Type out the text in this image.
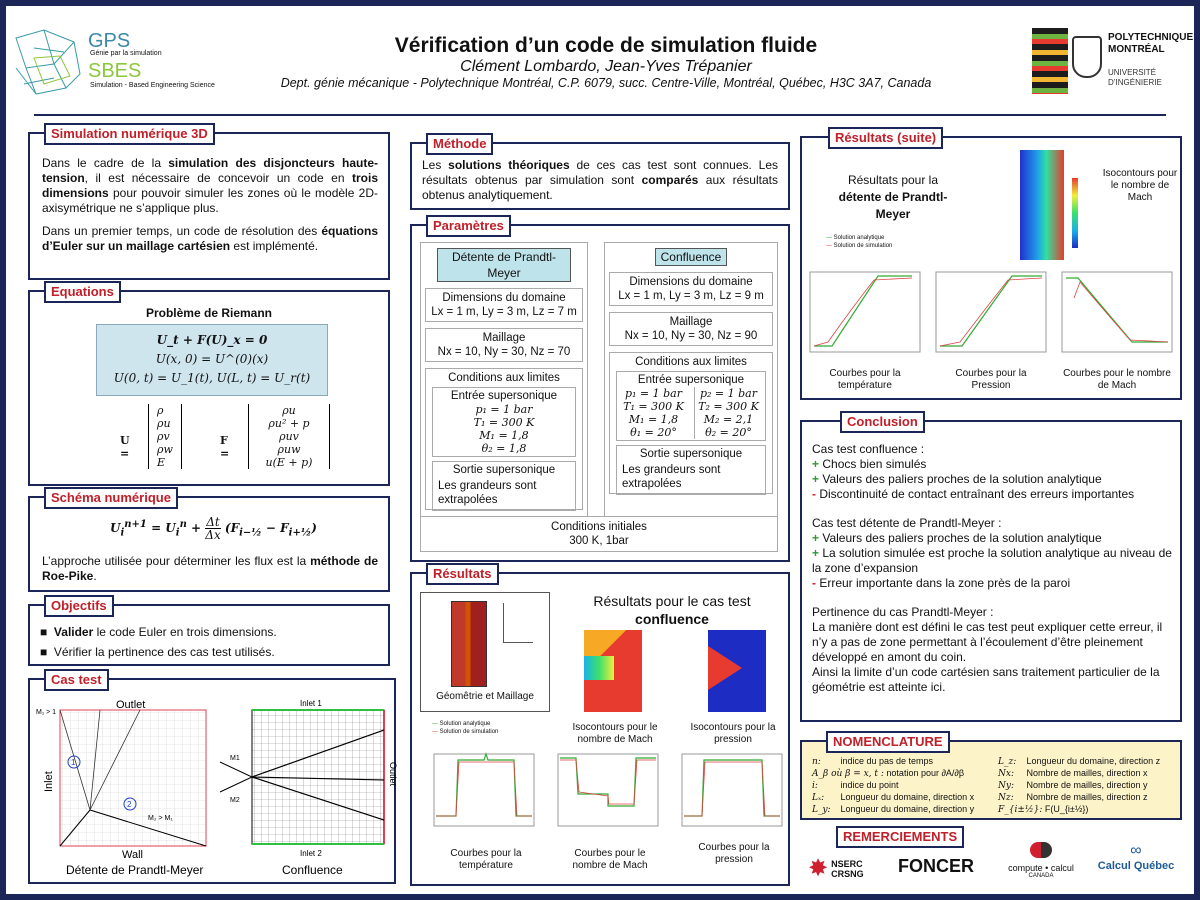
GPS
Génie par la simulation
SBES
Simulation - Based Engineering Science
Vérification d’un code de simulation fluide
Clément Lombardo, Jean-Yves Trépanier
Dept. génie mécanique - Polytechnique Montréal, C.P. 6079, succ. Centre-Ville, Montréal, Québec, H3C 3A7, Canada
POLYTECHNIQUE
MONTRÉAL
UNIVERSITÉ
D’INGÉNIERIE
Simulation numérique 3D
Dans le cadre de la simulation des disjoncteurs haute-tension, il est nécessaire de concevoir un code en trois dimensions pour pouvoir simuler les zones où le modèle 2D-axisymétrique ne s’applique plus.
Dans un premier temps, un code de résolution des équations d’Euler sur un maillage cartésien est implémenté.
Equations
Problème de Riemann
U_t + F(U)_x = 0
U(x, 0) = U^(0)(x)
U(0, t) = U_1(t), U(L, t) = U_r(t)
U =
ρ
ρu
ρv
ρw
E
F =
ρu
ρu² + p
ρuv
ρuw
u(E + p)
Schéma numérique
$U_i^{n+1} = U_i^n + \Delta t$
Δx $(F_{i-\frac{1}{2}} - F_{i+\frac{1}{2}})$
L’approche utilisée pour déterminer les flux est la méthode de Roe-Pike.
Objectifs
■  Valider le code Euler en trois dimensions.
■  Vérifier la pertinence des cas test utilisés.
Cas test
1
2
M₁ > 1
M₂ > M₁
Outlet
Inlet
Wall
Détente de Prandtl-Meyer
Inlet 1
Inlet 2
Outlet
M1
M2
Confluence
Méthode
Les solutions théoriques de ces cas test sont connues. Les résultats obtenus par simulation sont comparés aux résultats obtenus analytiquement.
Paramètres
Détente de Prandtl-Meyer
Dimensions du domaine
Lx = 1 m, Ly = 3 m, Lz = 7 m
Maillage
Nx = 10, Ny = 30, Nz = 70
Conditions aux limites
Entrée supersonique
p₁ = 1 bar
T₁ = 300 K
M₁ = 1,8
θ₂ = 1,8
Sortie supersonique
Les grandeurs sont extrapolées
Confluence
Dimensions du domaine
Lx = 1 m, Ly = 3 m, Lz = 9 m
Maillage
Nx = 10, Ny = 30, Nz = 90
Conditions aux limites
Entrée supersonique
p₁ = 1 bar
T₁ = 300 K
M₁ = 1,8
θ₁ = 20°
p₂ = 1 bar
T₂ = 300 K
M₂ = 2,1
θ₂ = 20°
Sortie supersonique
Les grandeurs sont extrapolées
Conditions initiales
300 K, 1bar
Résultats
Géomêtrie et Maillage
Résultats pour le cas test
confluence
Isocontours pour le nombre de Mach
Isocontours pour la pression
— Solution analytique
— Solution de simulation
Courbes pour la température
Courbes pour le nombre de Mach
Courbes pour la pression
Résultats (suite)
Résultats pour la détente de Prandtl-Meyer
Isocontours pour le nombre de Mach
— Solution analytique
— Solution de simulation
Courbes pour la température
Courbes pour la Pression
Courbes pour le nombre de Mach
Conclusion
Cas test confluence :
+ Chocs bien simulés
+ Valeurs des paliers proches de la solution analytique
- Discontinuité de contact entraînant des erreurs importantes
Cas test détente de Prandtl-Meyer :
+ Valeurs des paliers proches de la solution analytique
+ La solution simulée est proche la solution analytique au niveau de la zone d’expansion
- Erreur importante dans la zone près de la paroi
Pertinence du cas Prandtl-Meyer :
La manière dont est défini le cas test peut expliquer cette erreur, il n’y a pas de zone permettant à l’écoulement d’être pleinement développé en amont du coin.
Ainsi la limite d’un code cartésien sans traitement particulier de la géométrie est atteinte ici.
NOMENCLATURE
n: indice du pas de temps
A_β où β = x, t : notation pour ∂A/∂β
i: indice du point
Lₓ: Longueur du domaine, direction x
L_y: Longueur du domaine, direction y
L_z: Longueur du domaine, direction z
Nx: Nombre de mailles, direction x
Ny: Nombre de mailles, direction y
Nz: Nombre de mailles, direction z
F_{i±½}: F(U_{i±½})
REMERCIEMENTS
✸ NSERC
CRSNG FONCER	compute • calcul
CANADA
∞
Calcul Québec
